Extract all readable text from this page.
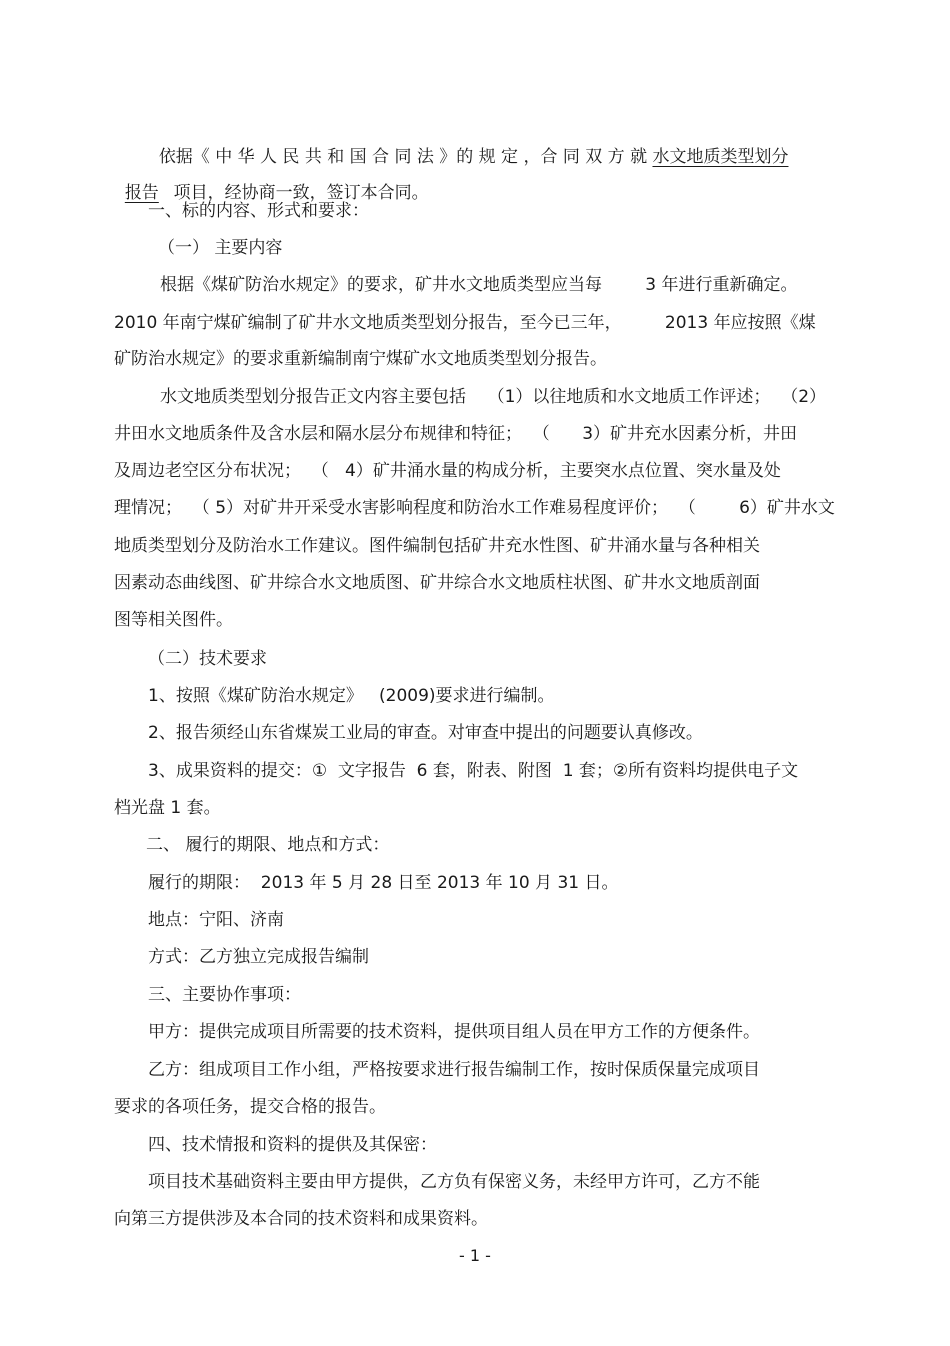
依据《 中 华 人 民 共 和 国 合 同 法 》的 规 定 ，合 同 双 方 就 水文地质类型划分

报告  项目，经协商一致，签订本合同。

一、标的内容、形式和要求：

（一） 主要内容

根据《煤矿防治水规定》的要求，矿井水文地质类型应当每        3 年进行重新确定。

2010 年南宁煤矿编制了矿井水文地质类型划分报告，至今已三年，        2013 年应按照《煤

矿防治水规定》的要求重新编制南宁煤矿水文地质类型划分报告。

水文地质类型划分报告正文内容主要包括    （1）以往地质和水文地质工作评述；  （2）

井田水文地质条件及含水层和隔水层分布规律和特征；  （      3）矿井充水因素分析，井田

及周边老空区分布状况；  （   4）矿井涌水量的构成分析，主要突水点位置、突水量及处

理情况；  （ 5）对矿井开采受水害影响程度和防治水工作难易程度评价；  （        6）矿井水文

地质类型划分及防治水工作建议。图件编制包括矿井充水性图、矿井涌水量与各种相关

因素动态曲线图、矿井综合水文地质图、矿井综合水文地质柱状图、矿井水文地质剖面

图等相关图件。

（二）技术要求

1、按照《煤矿防治水规定》   (2009)要求进行编制。

2、报告须经山东省煤炭工业局的审查。对审查中提出的问题要认真修改。

3、成果资料的提交：①  文字报告  6 套，附表、附图  1 套；②所有资料均提供电子文

档光盘 1 套。

二、 履行的期限、地点和方式：

履行的期限：  2013 年 5 月 28 日至 2013 年 10 月 31 日。

地点：宁阳、济南

方式：乙方独立完成报告编制

三、主要协作事项：

甲方：提供完成项目所需要的技术资料，提供项目组人员在甲方工作的方便条件。

乙方：组成项目工作小组，严格按要求进行报告编制工作，按时保质保量完成项目

要求的各项任务，提交合格的报告。

四、技术情报和资料的提供及其保密：

项目技术基础资料主要由甲方提供，乙方负有保密义务，未经甲方许可，乙方不能

向第三方提供涉及本合同的技术资料和成果资料。

- 1 -
